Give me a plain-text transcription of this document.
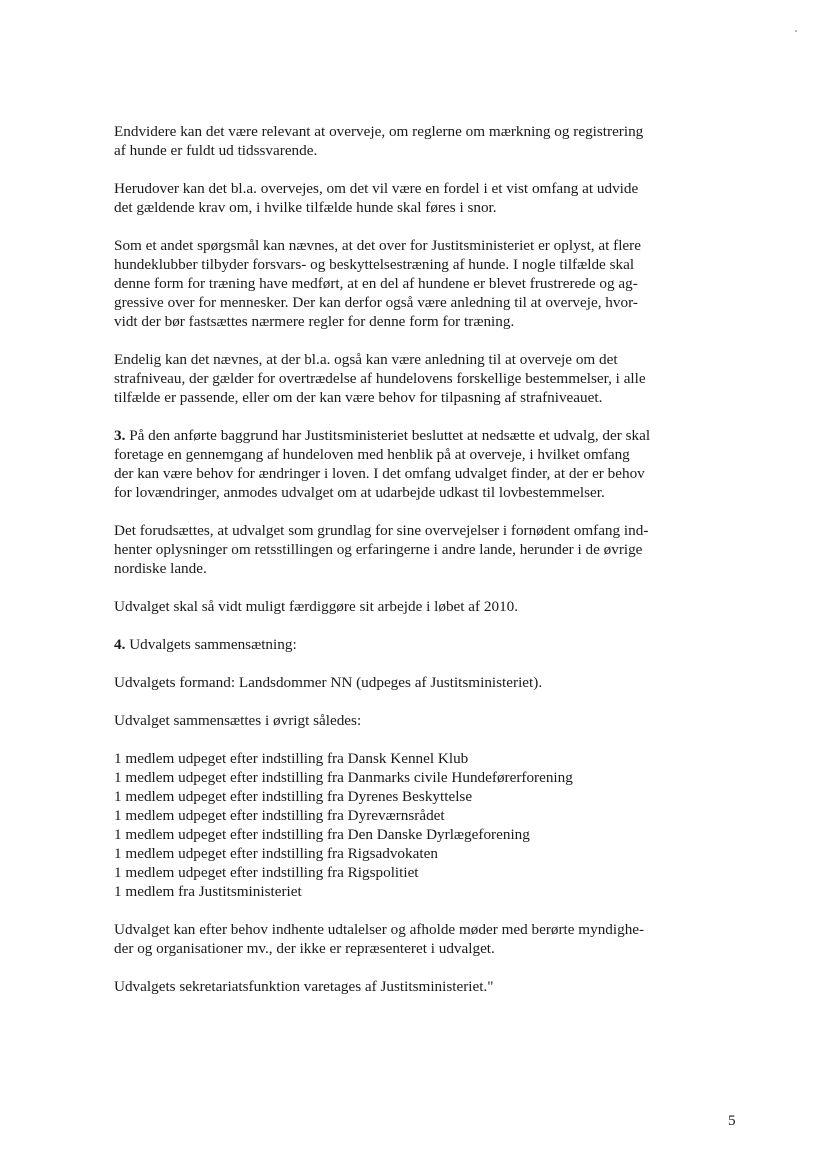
Endvidere kan det være relevant at overveje, om reglerne om mærkning og registrering
af hunde er fuldt ud tidssvarende.
Herudover kan det bl.a. overvejes, om det vil være en fordel i et vist omfang at udvide
det gældende krav om, i hvilke tilfælde hunde skal føres i snor.
Som et andet spørgsmål kan nævnes, at det over for Justitsministeriet er oplyst, at flere
hundeklubber tilbyder forsvars- og beskyttelsestræning af hunde. I nogle tilfælde skal
denne form for træning have medført, at en del af hundene er blevet frustrerede og ag-
gressive over for mennesker. Der kan derfor også være anledning til at overveje, hvor-
vidt der bør fastsættes nærmere regler for denne form for træning.
Endelig kan det nævnes, at der bl.a. også kan være anledning til at overveje om det
strafniveau, der gælder for overtrædelse af hundelovens forskellige bestemmelser, i alle
tilfælde er passende, eller om der kan være behov for tilpasning af strafniveauet.
3. På den anførte baggrund har Justitsministeriet besluttet at nedsætte et udvalg, der skal
foretage en gennemgang af hundeloven med henblik på at overveje, i hvilket omfang
der kan være behov for ændringer i loven. I det omfang udvalget finder, at der er behov
for lovændringer, anmodes udvalget om at udarbejde udkast til lovbestemmelser.
Det forudsættes, at udvalget som grundlag for sine overvejelser i fornødent omfang ind-
henter oplysninger om retsstillingen og erfaringerne i andre lande, herunder i de øvrige
nordiske lande.
Udvalget skal så vidt muligt færdiggøre sit arbejde i løbet af 2010.
4. Udvalgets sammensætning:
Udvalgets formand: Landsdommer NN (udpeges af Justitsministeriet).
Udvalget sammensættes i øvrigt således:
1 medlem udpeget efter indstilling fra Dansk Kennel Klub
1 medlem udpeget efter indstilling fra Danmarks civile Hundeførerforening
1 medlem udpeget efter indstilling fra Dyrenes Beskyttelse
1 medlem udpeget efter indstilling fra Dyreværnsrådet
1 medlem udpeget efter indstilling fra Den Danske Dyrlægeforening
1 medlem udpeget efter indstilling fra Rigsadvokaten
1 medlem udpeget efter indstilling fra Rigspolitiet
1 medlem fra Justitsministeriet
Udvalget kan efter behov indhente udtalelser og afholde møder med berørte myndighe-
der og organisationer mv., der ikke er repræsenteret i udvalget.
Udvalgets sekretariatsfunktion varetages af Justitsministeriet."
5
